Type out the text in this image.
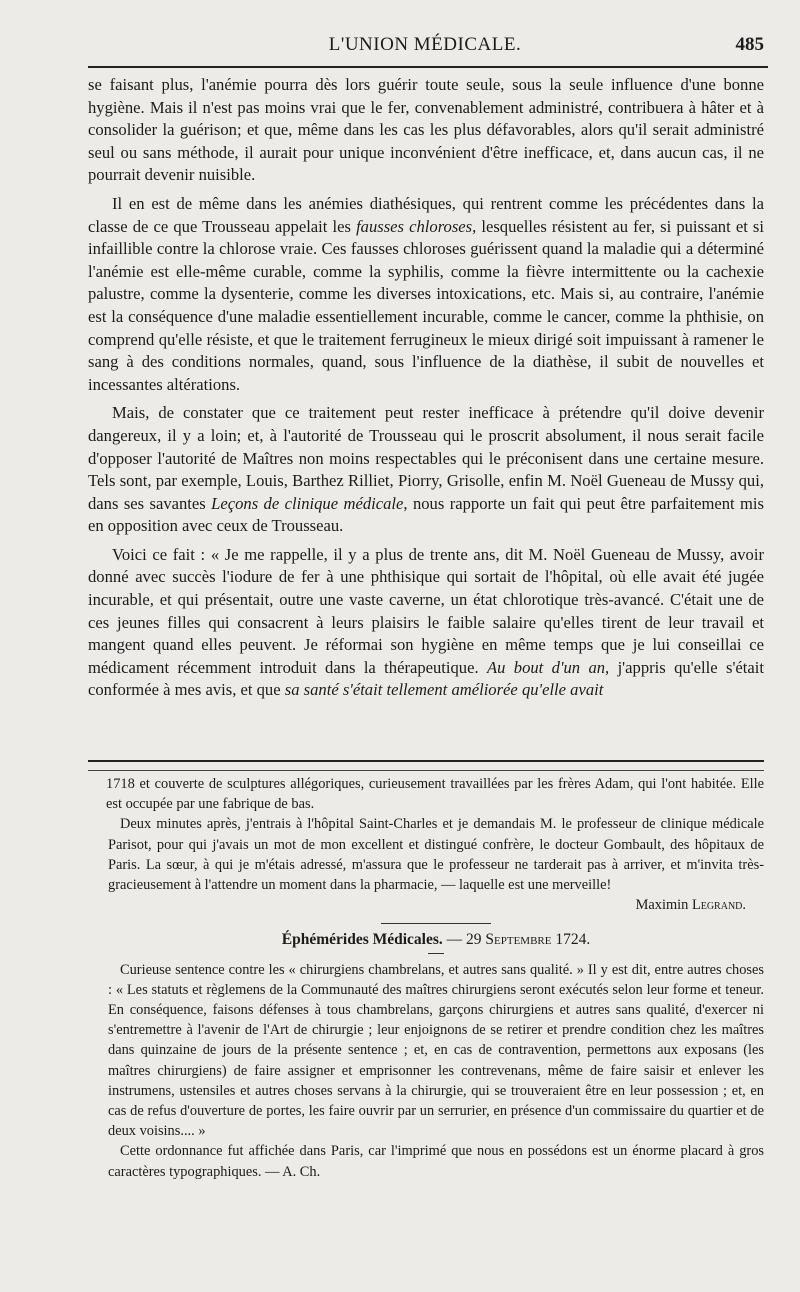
L'UNION MÉDICALE.	485

se faisant plus, l'anémie pourra dès lors guérir toute seule, sous la seule influence d'une bonne hygiène. Mais il n'est pas moins vrai que le fer, convenablement administré, contribuera à hâter et à consolider la guérison; et que, même dans les cas les plus défavorables, alors qu'il serait administré seul ou sans méthode, il aurait pour unique inconvénient d'être inefficace, et, dans aucun cas, il ne pourrait devenir nuisible.

Il en est de même dans les anémies diathésiques, qui rentrent comme les précédentes dans la classe de ce que Trousseau appelait les fausses chloroses, lesquelles résistent au fer, si puissant et si infaillible contre la chlorose vraie. Ces fausses chloroses guérissent quand la maladie qui a déterminé l'anémie est elle-même curable, comme la syphilis, comme la fièvre intermittente ou la cachexie palustre, comme la dysenterie, comme les diverses intoxications, etc. Mais si, au contraire, l'anémie est la conséquence d'une maladie essentiellement incurable, comme le cancer, comme la phthisie, on comprend qu'elle résiste, et que le traitement ferrugineux le mieux dirigé soit impuissant à ramener le sang à des conditions normales, quand, sous l'influence de la diathèse, il subit de nouvelles et incessantes altérations.

Mais, de constater que ce traitement peut rester inefficace à prétendre qu'il doive devenir dangereux, il y a loin; et, à l'autorité de Trousseau qui le proscrit absolument, il nous serait facile d'opposer l'autorité de Maîtres non moins respectables qui le préconisent dans une certaine mesure. Tels sont, par exemple, Louis, Barthez Rilliet, Piorry, Grisolle, enfin M. Noël Gueneau de Mussy qui, dans ses savantes Leçons de clinique médicale, nous rapporte un fait qui peut être parfaitement mis en opposition avec ceux de Trousseau.

Voici ce fait : « Je me rappelle, il y a plus de trente ans, dit M. Noël Gueneau de Mussy, avoir donné avec succès l'iodure de fer à une phthisique qui sortait de l'hôpital, où elle avait été jugée incurable, et qui présentait, outre une vaste caverne, un état chlorotique très-avancé. C'était une de ces jeunes filles qui consacrent à leurs plaisirs le faible salaire qu'elles tirent de leur travail et mangent quand elles peuvent. Je réformai son hygiène en même temps que je lui conseillai ce médicament récemment introduit dans la thérapeutique. Au bout d'un an, j'appris qu'elle s'était conformée à mes avis, et que sa santé s'était tellement améliorée qu'elle avait

1718 et couverte de sculptures allégoriques, curieusement travaillées par les frères Adam, qui l'ont habitée. Elle est occupée par une fabrique de bas.

Deux minutes après, j'entrais à l'hôpital Saint-Charles et je demandais M. le professeur de clinique médicale Parisot, pour qui j'avais un mot de mon excellent et distingué confrère, le docteur Gombault, des hôpitaux de Paris. La sœur, à qui je m'étais adressé, m'assura que le professeur ne tarderait pas à arriver, et m'invita très-gracieusement à l'attendre un moment dans la pharmacie, — laquelle est une merveille!

Maximin Legrand.

Éphémérides Médicales. — 29 Septembre 1724.

Curieuse sentence contre les « chirurgiens chambrelans, et autres sans qualité. » Il y est dit, entre autres choses : « Les statuts et règlemens de la Communauté des maîtres chirurgiens seront exécutés selon leur forme et teneur. En conséquence, faisons défenses à tous chambrelans, garçons chirurgiens et autres sans qualité, d'exercer ni s'entremettre à l'avenir de l'Art de chirurgie ; leur enjoignons de se retirer et prendre condition chez les maîtres dans quinzaine de jours de la présente sentence ; et, en cas de contravention, permettons aux exposans (les maîtres chirurgiens) de faire assigner et emprisonner les contrevenans, même de faire saisir et enlever les instrumens, ustensiles et autres choses servans à la chirurgie, qui se trouveraient être en leur possession ; et, en cas de refus d'ouverture de portes, les faire ouvrir par un serrurier, en présence d'un commissaire du quartier et de deux voisins.... »

Cette ordonnance fut affichée dans Paris, car l'imprimé que nous en possédons est un énorme placard à gros caractères typographiques. — A. Ch.
